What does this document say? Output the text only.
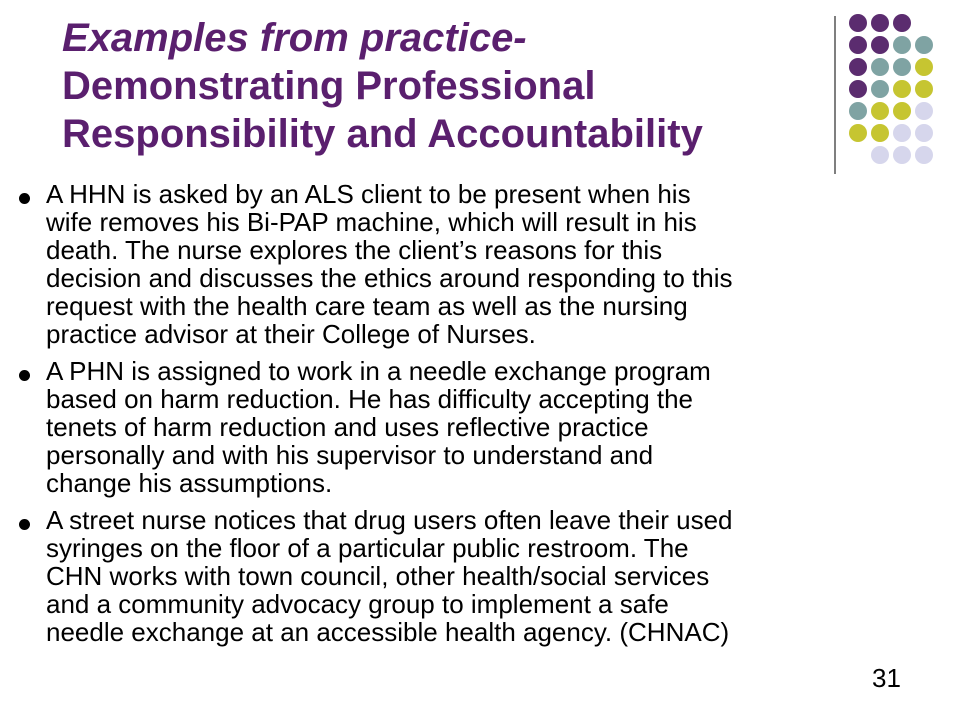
Examples from practice-
Demonstrating Professional
Responsibility and Accountability
A HHN is asked by an ALS client to be present when his
wife removes his Bi-PAP machine, which will result in his
death. The nurse explores the client’s reasons for this
decision and discusses the ethics around responding to this
request with the health care team as well as the nursing
practice advisor at their College of Nurses.
A PHN is assigned to work in a needle exchange program
based on harm reduction. He has difficulty accepting the
tenets of harm reduction and uses reflective practice
personally and with his supervisor to understand and
change his assumptions.
A street nurse notices that drug users often leave their used
syringes on the floor of a particular public restroom. The
CHN works with town council, other health/social services
and a community advocacy group to implement a safe
needle exchange at an accessible health agency. (CHNAC)
31
